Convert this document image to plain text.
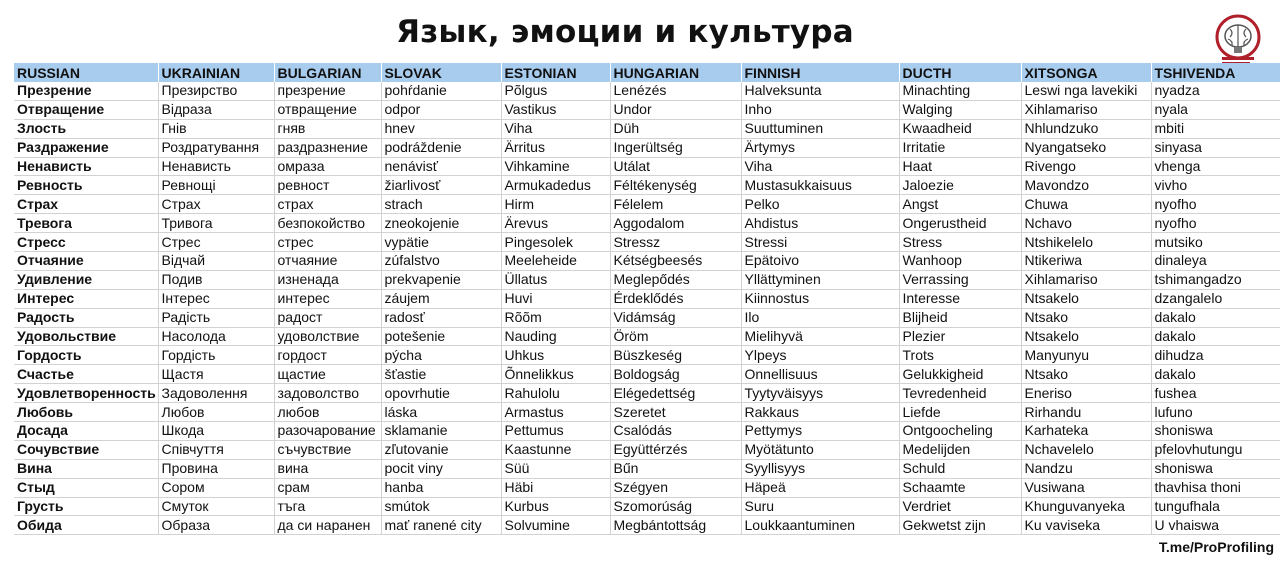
Язык, эмоции и культура
RUSSIAN	UKRAINIAN	BULGARIAN	SLOVAK	ESTONIAN	HUNGARIAN	FINNISH	DUCTH	XITSONGA	TSHIVENDA
Презрение	Презирство	презрение	pohŕdanie	Põlgus	Lenézés	Halveksunta	Minachting	Leswi nga lavekiki	nyadza
Отвращение	Відраза	отвращение	odpor	Vastikus	Undor	Inho	Walging	Xihlamariso	nyala
Злость	Гнів	гняв	hnev	Viha	Düh	Suuttuminen	Kwaadheid	Nhlundzuko	mbiti
Раздражение	Роздратування	раздразнение	podráždenie	Ärritus	Ingerültség	Ärtymys	Irritatie	Nyangatseko	sinyasa
Ненависть	Ненависть	омраза	nenávisť	Vihkamine	Utálat	Viha	Haat	Rivengo	vhenga
Ревность	Ревнощі	ревност	žiarlivosť	Armukadedus	Féltékenység	Mustasukkaisuus	Jaloezie	Mavondzo	vivho
Страх	Страх	страх	strach	Hirm	Félelem	Pelko	Angst	Chuwa	nyofho
Тревога	Тривога	безпокойство	zneokojenie	Ärevus	Aggodalom	Ahdistus	Ongerustheid	Nchavo	nyofho
Стресс	Стрес	стрес	vypätie	Pingesolek	Stressz	Stressi	Stress	Ntshikelelo	mutsiko
Отчаяние	Відчай	отчаяние	zúfalstvo	Meeleheide	Kétségbeesés	Epätoivo	Wanhoop	Ntikeriwa	dinaleya
Удивление	Подив	изненада	prekvapenie	Üllatus	Meglepődés	Yllättyminen	Verrassing	Xihlamariso	tshimangadzo
Интерес	Інтерес	интерес	záujem	Huvi	Érdeklődés	Kiinnostus	Interesse	Ntsakelo	dzangalelo
Радость	Радість	радост	radosť	Rõõm	Vidámság	Ilo	Blijheid	Ntsako	dakalo
Удовольствие	Насолода	удоволствие	potešenie	Nauding	Öröm	Mielihyvä	Plezier	Ntsakelo	dakalo
Гордость	Гордість	гордост	pýcha	Uhkus	Büszkeség	Ylpeys	Trots	Manyunyu	dihudza
Счастье	Щастя	щастие	šťastie	Õnnelikkus	Boldogság	Onnellisuus	Gelukkigheid	Ntsako	dakalo
Удовлетворенность	Задоволення	задоволство	opovrhutie	Rahulolu	Elégedettség	Tyytyväisyys	Tevredenheid	Eneriso	fushea
Любовь	Любов	любов	láska	Armastus	Szeretet	Rakkaus	Liefde	Rirhandu	lufuno
Досада	Шкода	разочарование	sklamanie	Pettumus	Csalódás	Pettymys	Ontgoocheling	Karhateka	shoniswa
Сочувствие	Співчуття	съчувствие	zľutovanie	Kaastunne	Együttérzés	Myötätunto	Medelijden	Nchavelelo	pfelovhutungu
Вина	Провина	вина	pocit viny	Süü	Bűn	Syyllisyys	Schuld	Nandzu	shoniswa
Стыд	Сором	срам	hanba	Häbi	Szégyen	Häpeä	Schaamte	Vusiwana	thavhisa thoni
Грусть	Смуток	тъга	smútok	Kurbus	Szomorúság	Suru	Verdriet	Khunguvanyeka	tungufhala
Обида	Образа	да си наранен	mať ranené city	Solvumine	Megbántottság	Loukkaantuminen	Gekwetst zijn	Ku vaviseka	U vhaiswa
T.me/ProProfiling
